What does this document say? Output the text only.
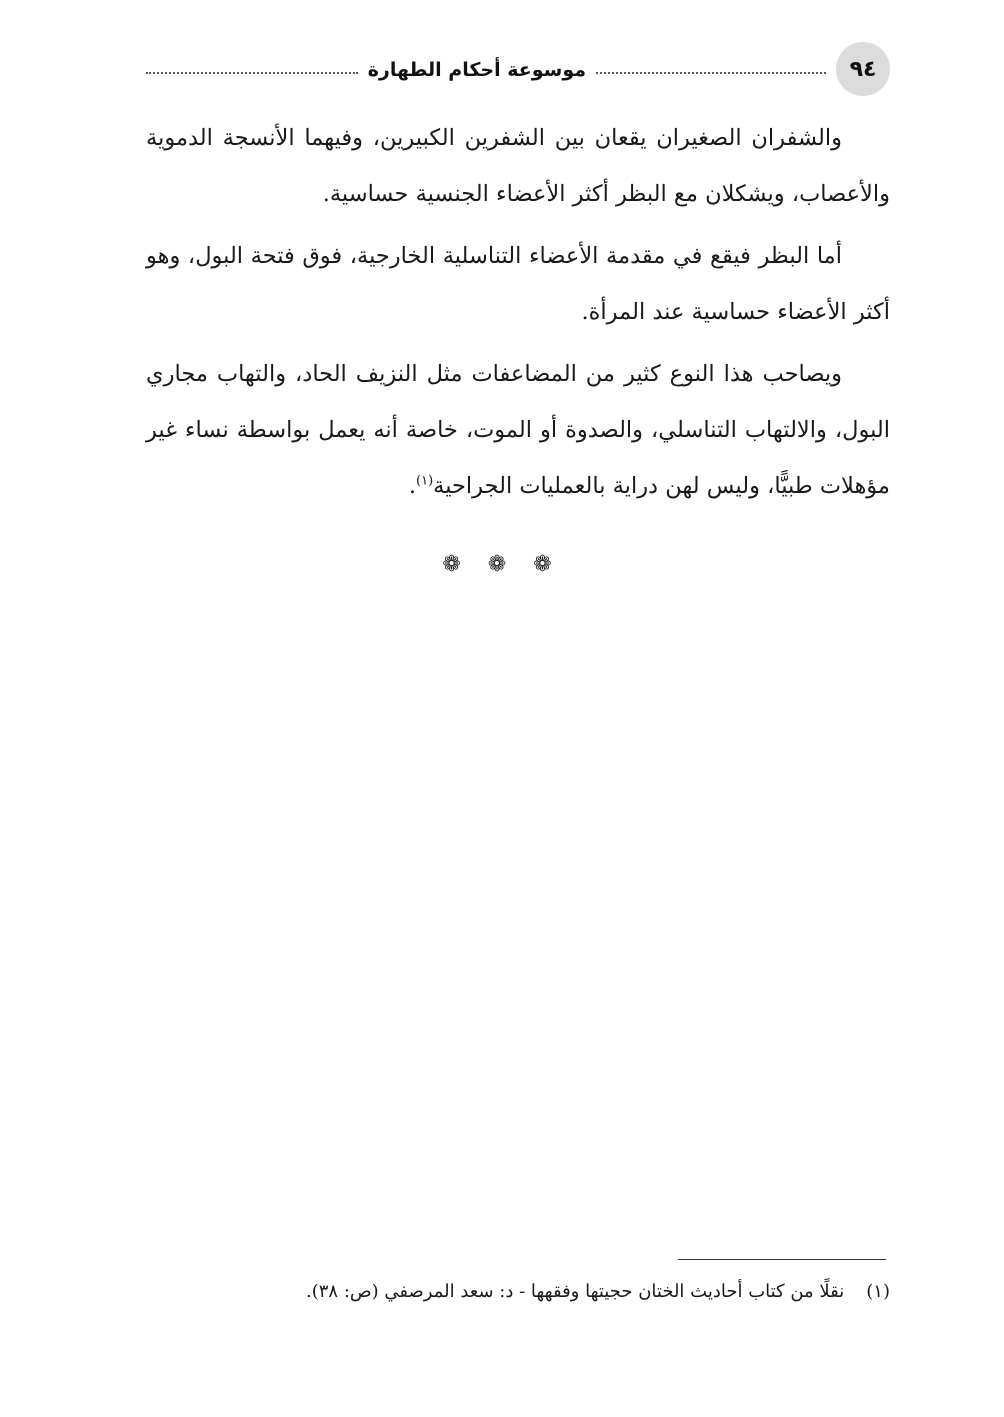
٩٤
موسوعة أحكام الطهارة

والشفران الصغيران يقعان بين الشفرين الكبيرين، وفيهما الأنسجة الدموية والأعصاب، ويشكلان مع البظر أكثر الأعضاء الجنسية حساسية.

أما البظر فيقع في مقدمة الأعضاء التناسلية الخارجية، فوق فتحة البول، وهو أكثر الأعضاء حساسية عند المرأة.

ويصاحب هذا النوع كثير من المضاعفات مثل النزيف الحاد، والتهاب مجاري البول، والالتهاب التناسلي، والصدوة أو الموت، خاصة أنه يعمل بواسطة نساء غير مؤهلات طبيًّا، وليس لهن دراية بالعمليات الجراحية$^{(١)}$.

❁ ❁ ❁
(١)
نقلًا من كتاب أحاديث الختان حجيتها وفقهها - د: سعد المرصفي (ص: ٣٨).
